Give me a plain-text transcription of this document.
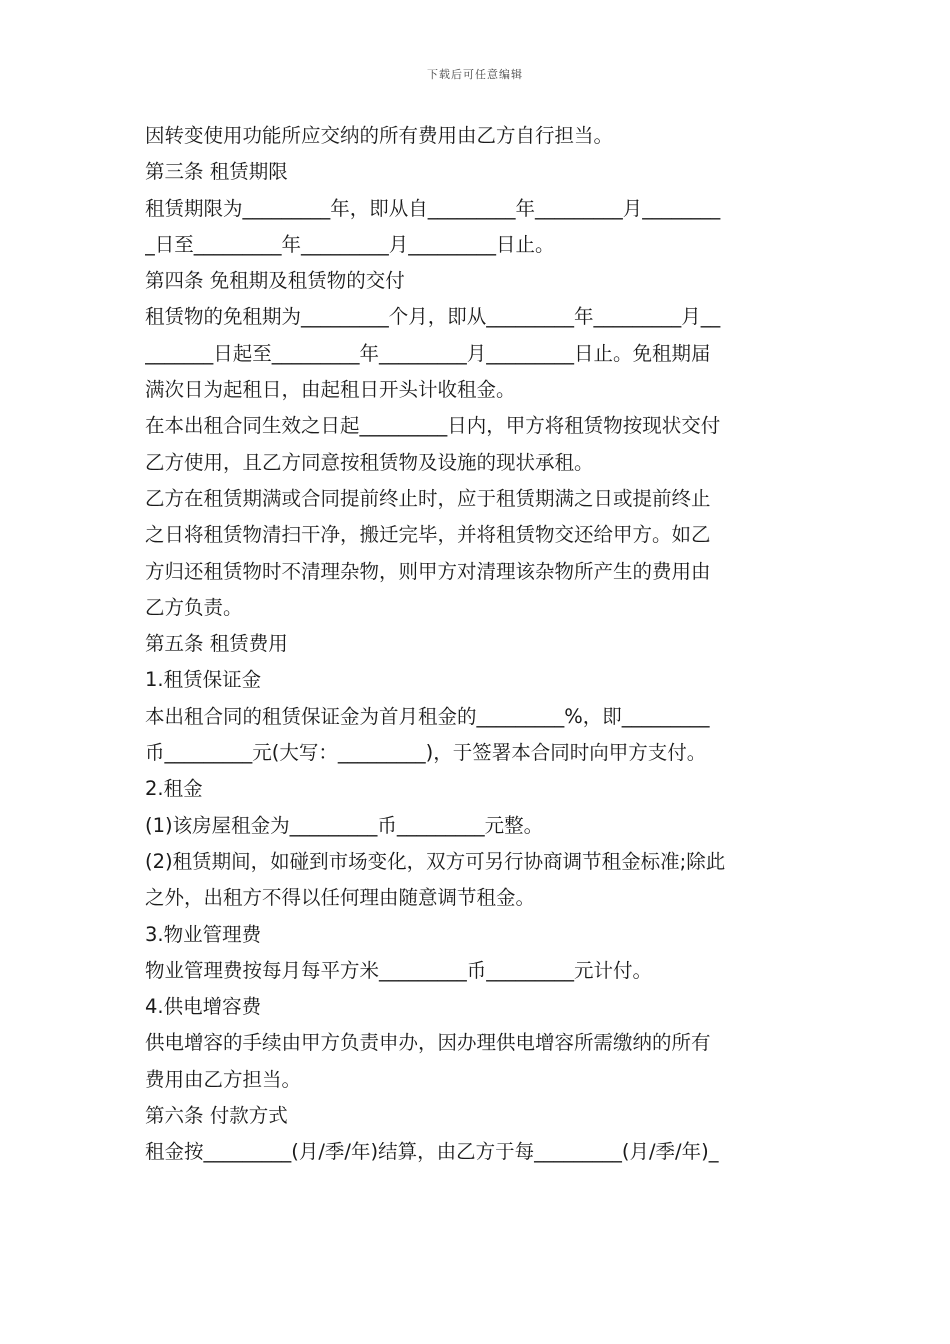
下载后可任意编辑
因转变使用功能所应交纳的所有费用由乙方自行担当。
第三条 租赁期限
租赁期限为_________年，即从自_________年_________月________
_日至_________年_________月_________日止。
第四条 免租期及租赁物的交付
租赁物的免租期为_________个月，即从_________年_________月__
_______日起至_________年_________月_________日止。免租期届
满次日为起租日，由起租日开头计收租金。
在本出租合同生效之日起_________日内，甲方将租赁物按现状交付
乙方使用，且乙方同意按租赁物及设施的现状承租。
乙方在租赁期满或合同提前终止时，应于租赁期满之日或提前终止
之日将租赁物清扫干净，搬迁完毕，并将租赁物交还给甲方。如乙
方归还租赁物时不清理杂物，则甲方对清理该杂物所产生的费用由
乙方负责。
第五条 租赁费用
1.租赁保证金
本出租合同的租赁保证金为首月租金的_________%，即_________
币_________元(大写：_________)，于签署本合同时向甲方支付。
2.租金
(1)该房屋租金为_________币_________元整。
(2)租赁期间，如碰到市场变化，双方可另行协商调节租金标准;除此
之外，出租方不得以任何理由随意调节租金。
3.物业管理费
物业管理费按每月每平方米_________币_________元计付。
4.供电增容费
供电增容的手续由甲方负责申办，因办理供电增容所需缴纳的所有
费用由乙方担当。
第六条 付款方式
租金按_________(月/季/年)结算，由乙方于每_________(月/季/年)_
